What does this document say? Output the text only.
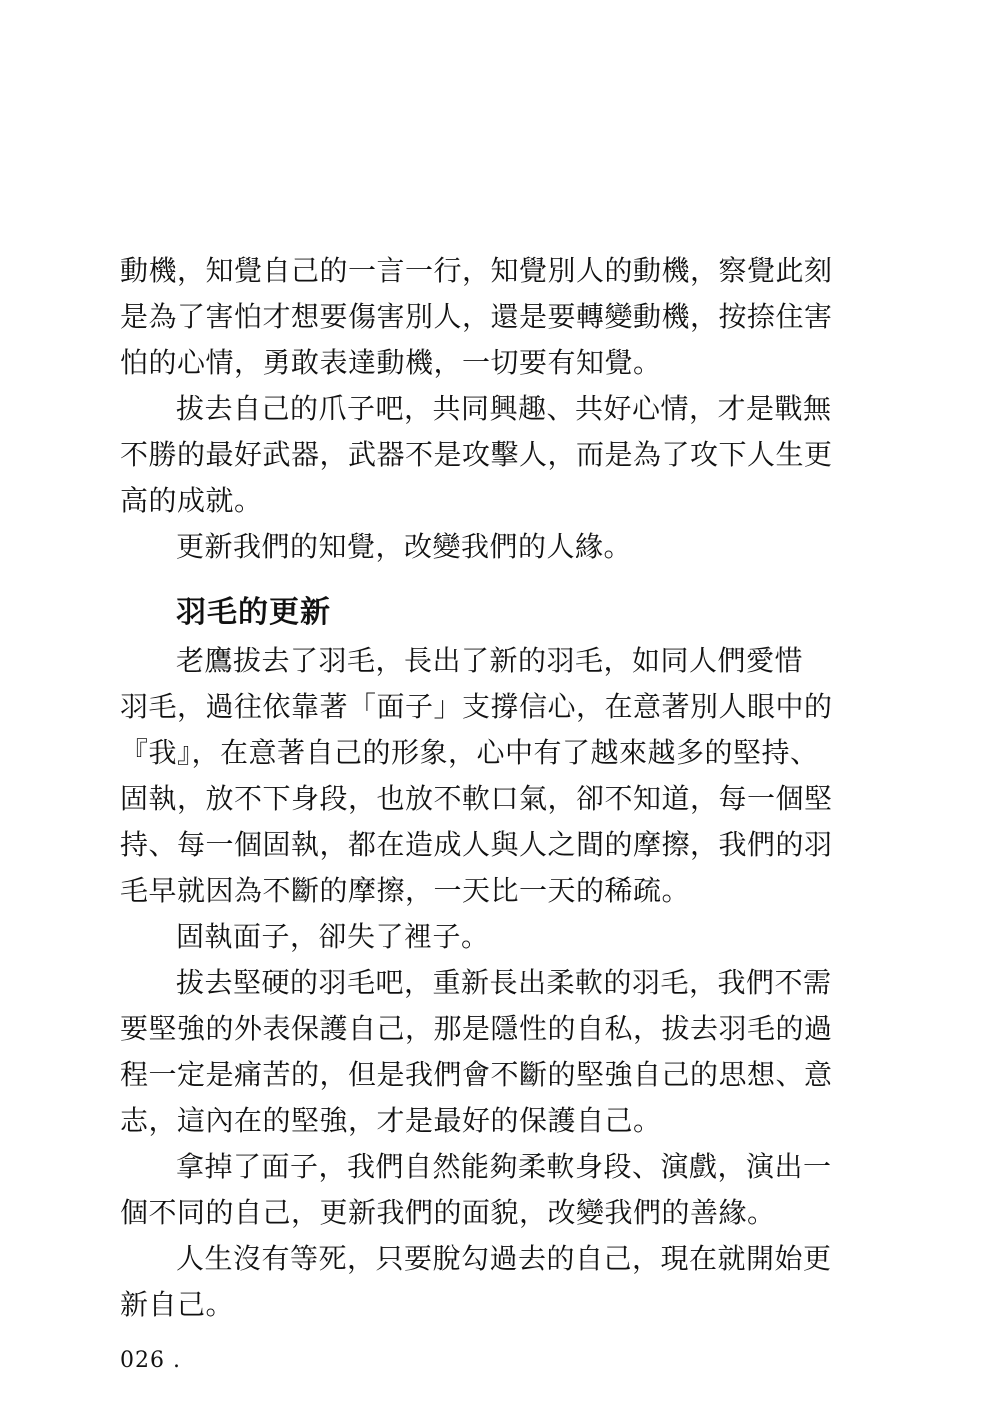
動機，知覺自己的一言一行，知覺別人的動機，察覺此刻
是為了害怕才想要傷害別人，還是要轉變動機，按捺住害
怕的心情，勇敢表達動機，一切要有知覺。
拔去自己的爪子吧，共同興趣、共好心情，才是戰無
不勝的最好武器，武器不是攻擊人，而是為了攻下人生更
高的成就。
更新我們的知覺，改變我們的人緣。
羽毛的更新
老鷹拔去了羽毛，長出了新的羽毛，如同人們愛惜
羽毛，過往依靠著「面子」支撐信心，在意著別人眼中的
『我』，在意著自己的形象，心中有了越來越多的堅持、
固執，放不下身段，也放不軟口氣，卻不知道，每一個堅
持、每一個固執，都在造成人與人之間的摩擦，我們的羽
毛早就因為不斷的摩擦，一天比一天的稀疏。
固執面子，卻失了裡子。
拔去堅硬的羽毛吧，重新長出柔軟的羽毛，我們不需
要堅強的外表保護自己，那是隱性的自私，拔去羽毛的過
程一定是痛苦的，但是我們會不斷的堅強自己的思想、意
志，這內在的堅強，才是最好的保護自己。
拿掉了面子，我們自然能夠柔軟身段、演戲，演出一
個不同的自己，更新我們的面貌，改變我們的善緣。
人生沒有等死，只要脫勾過去的自己，現在就開始更
新自己。
026 .
